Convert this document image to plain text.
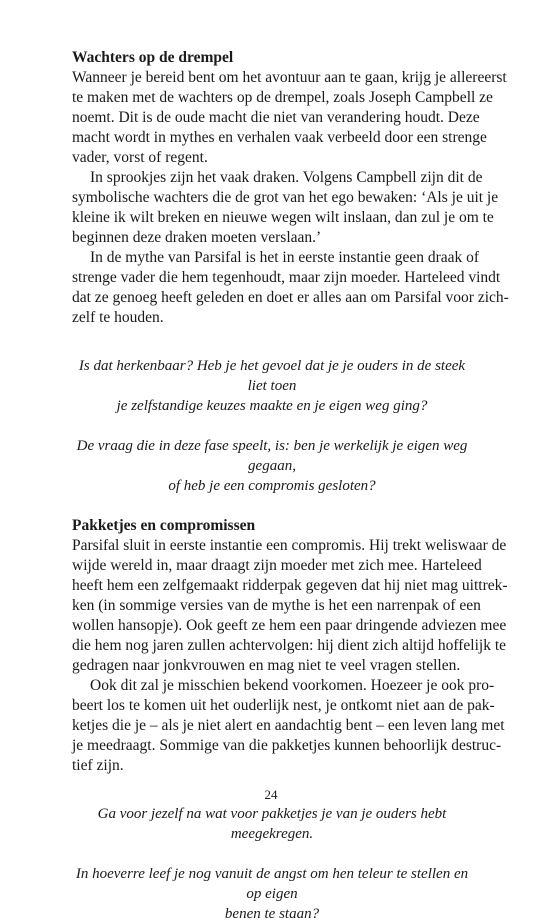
Wachters op de drempel

Wanneer je bereid bent om het avontuur aan te gaan, krijg je allereerst
te maken met de wachters op de drempel, zoals Joseph Campbell ze
noemt. Dit is de oude macht die niet van verandering houdt. Deze
macht wordt in mythes en verhalen vaak verbeeld door een strenge
vader, vorst of regent.

In sprookjes zijn het vaak draken. Volgens Campbell zijn dit de
symbolische wachters die de grot van het ego bewaken: ‘Als je uit je
kleine ik wilt breken en nieuwe wegen wilt inslaan, dan zul je om te
beginnen deze draken moeten verslaan.’

In de mythe van Parsifal is het in eerste instantie geen draak of
strenge vader die hem tegenhoudt, maar zijn moeder. Harteleed vindt
dat ze genoeg heeft geleden en doet er alles aan om Parsifal voor zich-
zelf te houden.

Is dat herkenbaar? Heb je het gevoel dat je je ouders in de steek liet toen
je zelfstandige keuzes maakte en je eigen weg ging?

De vraag die in deze fase speelt, is: ben je werkelijk je eigen weg gegaan,
of heb je een compromis gesloten?

Pakketjes en compromissen

Parsifal sluit in eerste instantie een compromis. Hij trekt weliswaar de
wijde wereld in, maar draagt zijn moeder met zich mee. Harteleed
heeft hem een zelfgemaakt ridderpak gegeven dat hij niet mag uittrek-
ken (in sommige versies van de mythe is het een narrenpak of een
wollen hansopje). Ook geeft ze hem een paar dringende adviezen mee
die hem nog jaren zullen achtervolgen: hij dient zich altijd hoffelijk te
gedragen naar jonkvrouwen en mag niet te veel vragen stellen.

Ook dit zal je misschien bekend voorkomen. Hoezeer je ook pro-
beert los te komen uit het ouderlijk nest, je ontkomt niet aan de pak-
ketjes die je – als je niet alert en aandachtig bent – een leven lang met
je meedraagt. Sommige van die pakketjes kunnen behoorlijk destruc-
tief zijn.

Ga voor jezelf na wat voor pakketjes je van je ouders hebt meegekregen.

In hoeverre leef je nog vanuit de angst om hen teleur te stellen en op eigen
benen te staan?

24
